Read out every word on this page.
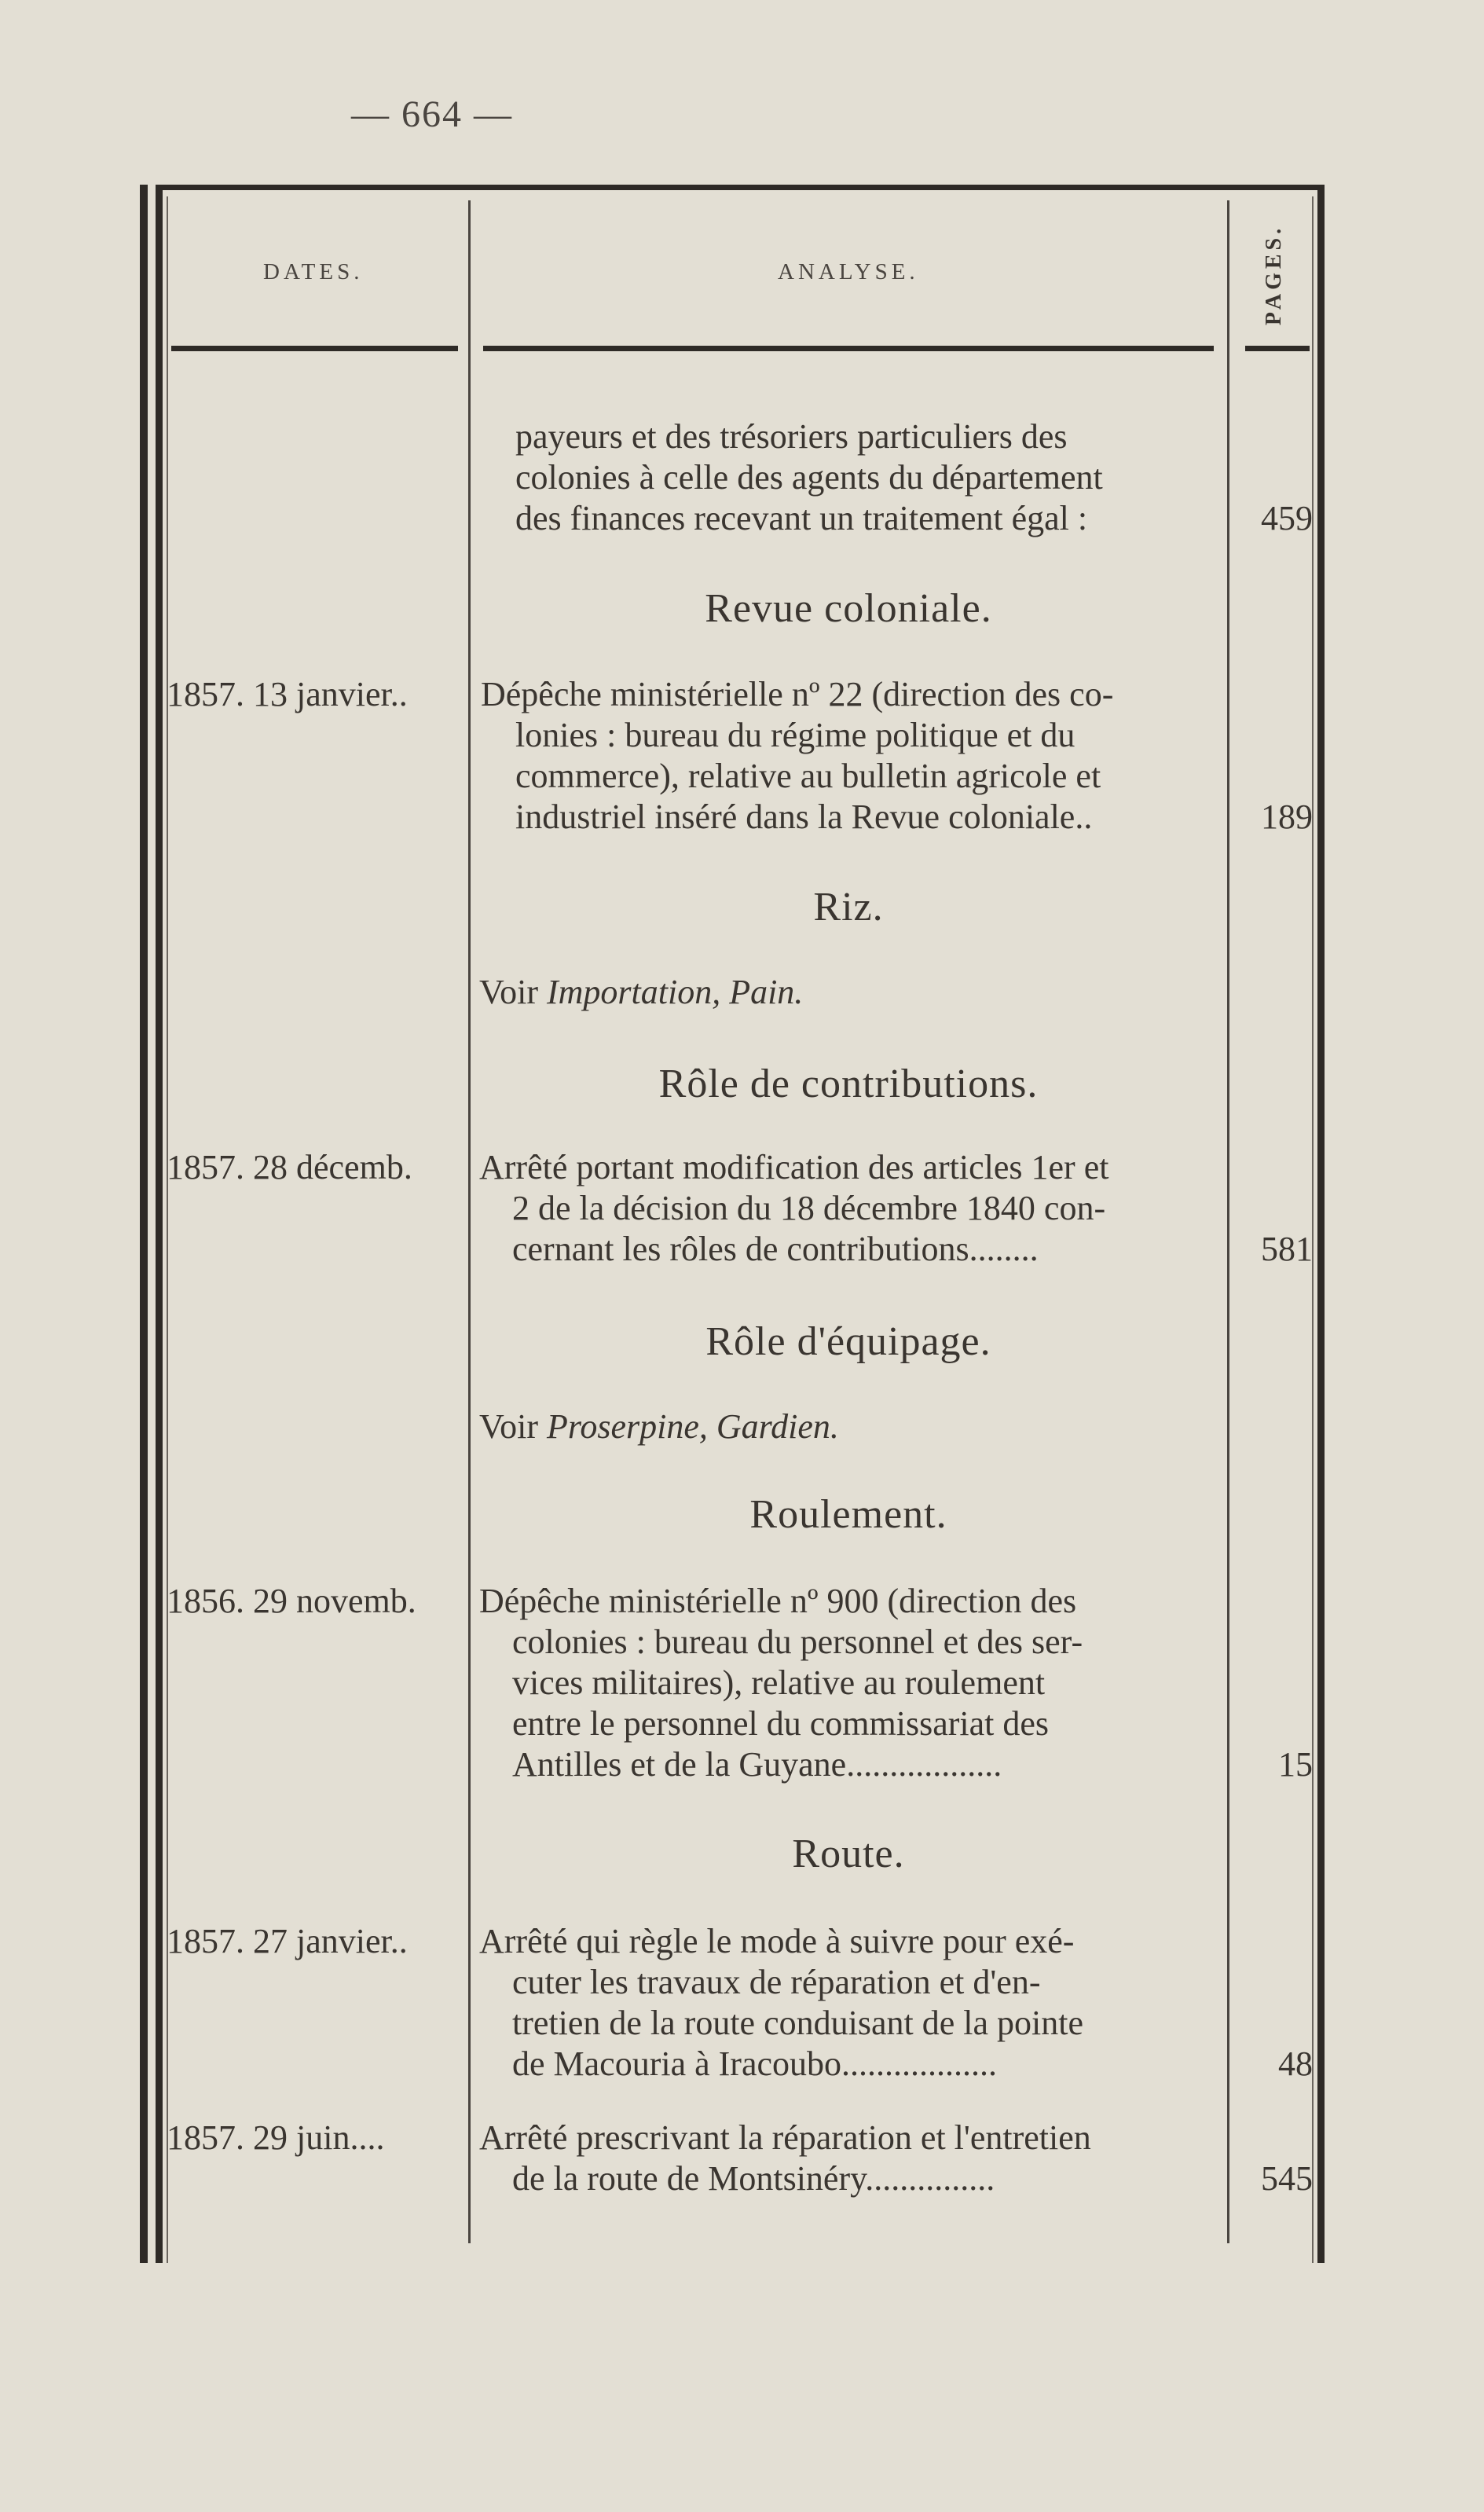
— 664 —
DATES.	ANALYSE.	PAGES.
payeurs et des trésoriers particuliers des
colonies à celle des agents du département
des finances recevant un traitement égal :	459
Revue coloniale.
1857. 13 janvier.. Dépêche ministérielle nº 22 (direction des co-
lonies : bureau du régime politique et du
commerce), relative au bulletin agricole et
industriel inséré dans la Revue coloniale..	189
Riz.
Voir Importation, Pain.
Rôle de contributions.
1857. 28 décemb. Arrêté portant modification des articles 1er et
2 de la décision du 18 décembre 1840 con-
cernant les rôles de contributions........	581
Rôle d'équipage.
Voir Proserpine, Gardien.
Roulement.
1856. 29 novemb. Dépêche ministérielle nº 900 (direction des
colonies : bureau du personnel et des ser-
vices militaires), relative au roulement
entre le personnel du commissariat des
Antilles et de la Guyane..................	15
Route.
1857. 27 janvier.. Arrêté qui règle le mode à suivre pour exé-
cuter les travaux de réparation et d'en-
tretien de la route conduisant de la pointe
de Macouria à Iracoubo..................	48
1857. 29 juin....	Arrêté prescrivant la réparation et l'entretien
de la route de Montsinéry...............	545
